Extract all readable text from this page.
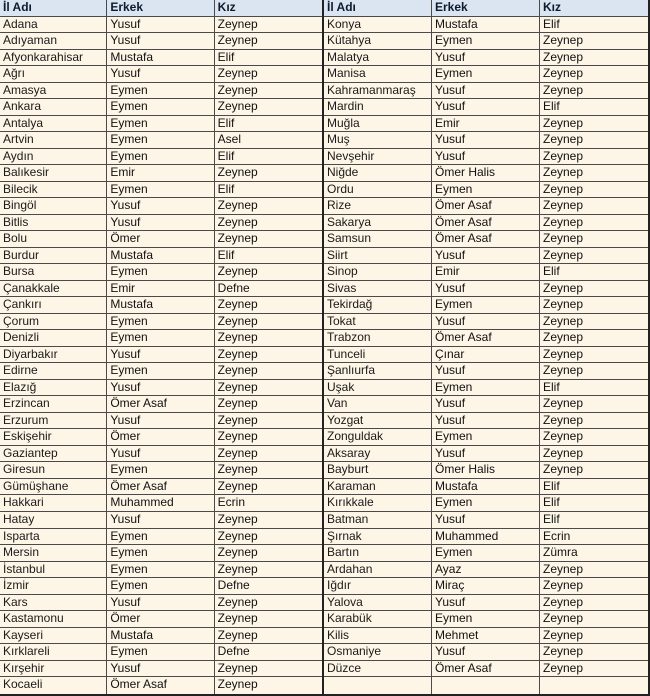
İl Adı	Erkek	Kız
Adana	Yusuf	Zeynep
Adıyaman	Yusuf	Zeynep
Afyonkarahisar	Mustafa	Elif
Ağrı	Yusuf	Zeynep
Amasya	Eymen	Zeynep
Ankara	Eymen	Zeynep
Antalya	Eymen	Elif
Artvin	Eymen	Asel
Aydın	Eymen	Elif
Balıkesir	Emir	Zeynep
Bilecik	Eymen	Elif
Bingöl	Yusuf	Zeynep
Bitlis	Yusuf	Zeynep
Bolu	Ömer	Zeynep
Burdur	Mustafa	Elif
Bursa	Eymen	Zeynep
Çanakkale	Emir	Defne
Çankırı	Mustafa	Zeynep
Çorum	Eymen	Zeynep
Denizli	Eymen	Zeynep
Diyarbakır	Yusuf	Zeynep
Edirne	Eymen	Zeynep
Elazığ	Yusuf	Zeynep
Erzincan	Ömer Asaf	Zeynep
Erzurum	Yusuf	Zeynep
Eskişehir	Ömer	Zeynep
Gaziantep	Yusuf	Zeynep
Giresun	Eymen	Zeynep
Gümüşhane	Ömer Asaf	Zeynep
Hakkari	Muhammed	Ecrin
Hatay	Yusuf	Zeynep
Isparta	Eymen	Zeynep
Mersin	Eymen	Zeynep
İstanbul	Eymen	Zeynep
İzmir	Eymen	Defne
Kars	Yusuf	Zeynep
Kastamonu	Ömer	Zeynep
Kayseri	Mustafa	Zeynep
Kırklareli	Eymen	Defne
Kırşehir	Yusuf	Zeynep
Kocaeli	Ömer Asaf	Zeynep
İl Adı	Erkek	Kız
Konya	Mustafa	Elif
Kütahya	Eymen	Zeynep
Malatya	Yusuf	Zeynep
Manisa	Eymen	Zeynep
Kahramanmaraş	Yusuf	Zeynep
Mardin	Yusuf	Elif
Muğla	Emir	Zeynep
Muş	Yusuf	Zeynep
Nevşehir	Yusuf	Zeynep
Niğde	Ömer Halis	Zeynep
Ordu	Eymen	Zeynep
Rize	Ömer Asaf	Zeynep
Sakarya	Ömer Asaf	Zeynep
Samsun	Ömer Asaf	Zeynep
Siirt	Yusuf	Zeynep
Sinop	Emir	Elif
Sivas	Yusuf	Zeynep
Tekirdağ	Eymen	Zeynep
Tokat	Yusuf	Zeynep
Trabzon	Ömer Asaf	Zeynep
Tunceli	Çınar	Zeynep
Şanlıurfa	Yusuf	Zeynep
Uşak	Eymen	Elif
Van	Yusuf	Zeynep
Yozgat	Yusuf	Zeynep
Zonguldak	Eymen	Zeynep
Aksaray	Yusuf	Zeynep
Bayburt	Ömer Halis	Zeynep
Karaman	Mustafa	Elif
Kırıkkale	Eymen	Elif
Batman	Yusuf	Elif
Şırnak	Muhammed	Ecrin
Bartın	Eymen	Zümra
Ardahan	Ayaz	Zeynep
Iğdır	Miraç	Zeynep
Yalova	Yusuf	Zeynep
Karabük	Eymen	Zeynep
Kilis	Mehmet	Zeynep
Osmaniye	Yusuf	Zeynep
Düzce	Ömer Asaf	Zeynep
